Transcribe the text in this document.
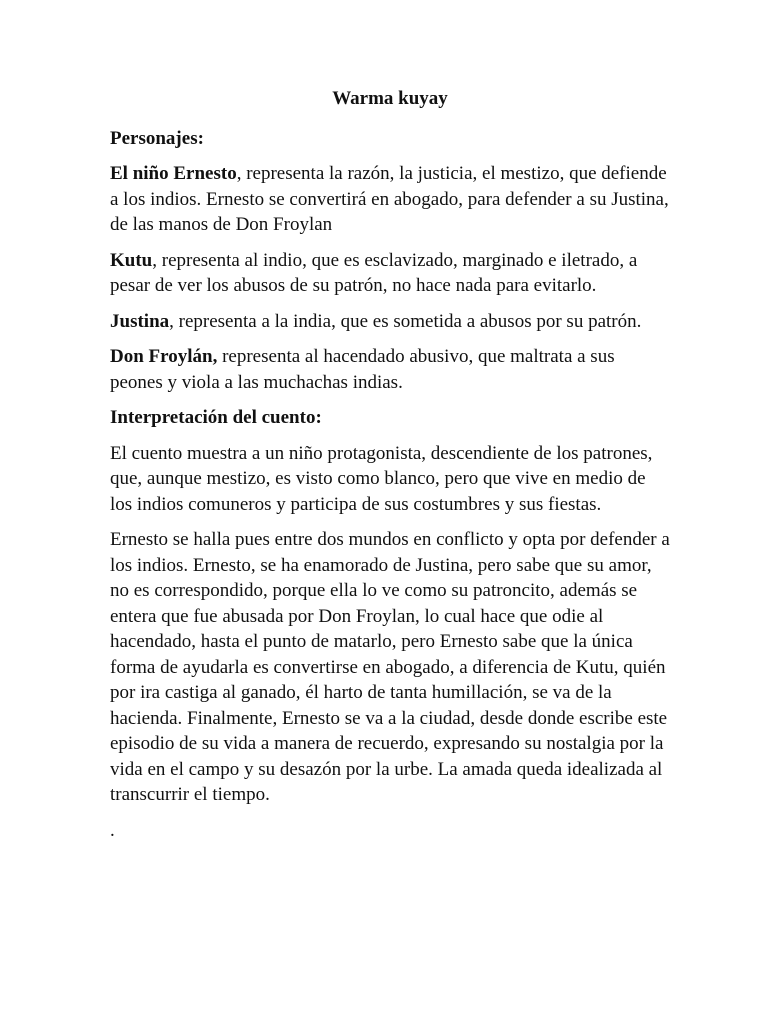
Warma kuyay

Personajes:

El niño Ernesto, representa la razón, la justicia, el mestizo, que defiende a los indios. Ernesto se convertirá en abogado, para defender a su Justina, de las manos de Don Froylan

Kutu, representa al indio, que es esclavizado, marginado e iletrado, a pesar de ver los abusos de su patrón, no hace nada para evitarlo.

Justina, representa a la india, que es sometida a abusos por su patrón.

Don Froylán, representa al hacendado abusivo, que maltrata a sus peones y viola a las muchachas indias.

Interpretación del cuento:

El cuento muestra a un niño protagonista, descendiente de los patrones, que, aunque mestizo, es visto como blanco, pero que vive en medio de los indios comuneros y participa de sus costumbres y sus fiestas.

Ernesto se halla pues entre dos mundos en conflicto y opta por defender a los indios. Ernesto, se ha enamorado de Justina, pero sabe que su amor, no es correspondido, porque ella lo ve como su patroncito, además se entera que fue abusada por Don Froylan, lo cual hace que odie al hacendado, hasta el punto de matarlo, pero Ernesto sabe que la única forma de ayudarla es convertirse en abogado, a diferencia de Kutu, quién por ira castiga al ganado, él harto de tanta humillación, se va de la hacienda. Finalmente, Ernesto se va a la ciudad, desde donde escribe este episodio de su vida a manera de recuerdo, expresando su nostalgia por la vida en el campo y su desazón por la urbe. La amada queda idealizada al transcurrir el tiempo.

.
